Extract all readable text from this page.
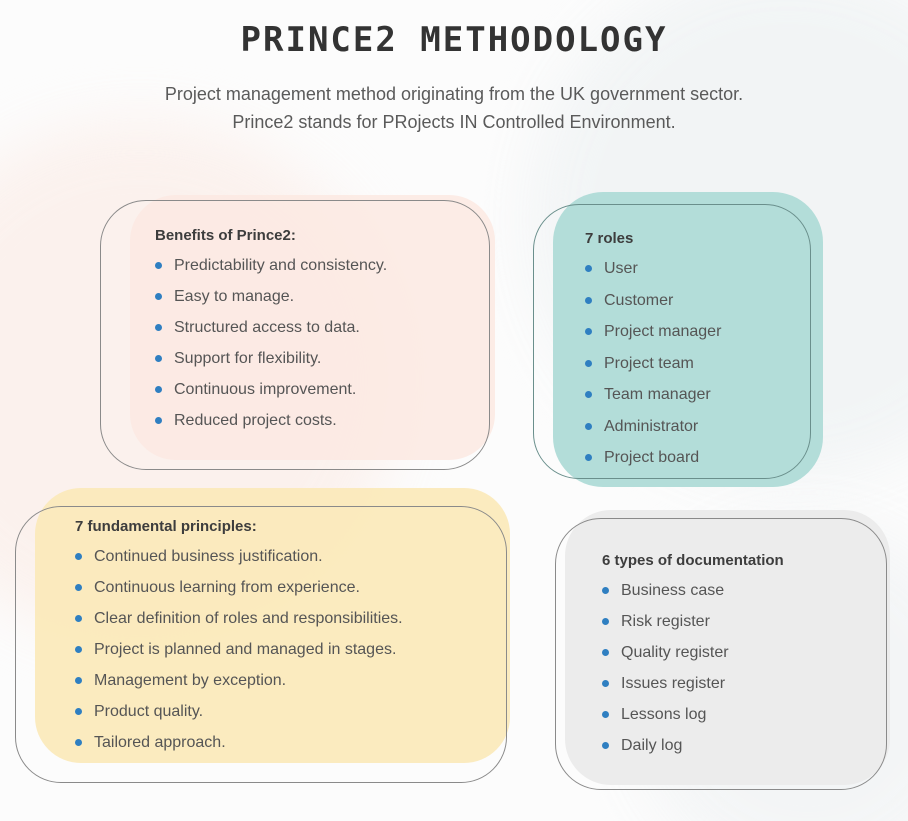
PRINCE2 METHODOLOGY
Project management method originating from the UK government sector.
Prince2 stands for PRojects IN Controlled Environment.
Benefits of Prince2:
Predictability and consistency.
Easy to manage.
Structured access to data.
Support for flexibility.
Continuous improvement.
Reduced project costs.
7 roles
User
Customer
Project manager
Project team
Team manager
Administrator
Project board
7 fundamental principles:
Continued business justification.
Continuous learning from experience.
Clear definition of roles and responsibilities.
Project is planned and managed in stages.
Management by exception.
Product quality.
Tailored approach.
6 types of documentation
Business case
Risk register
Quality register
Issues register
Lessons log
Daily log
